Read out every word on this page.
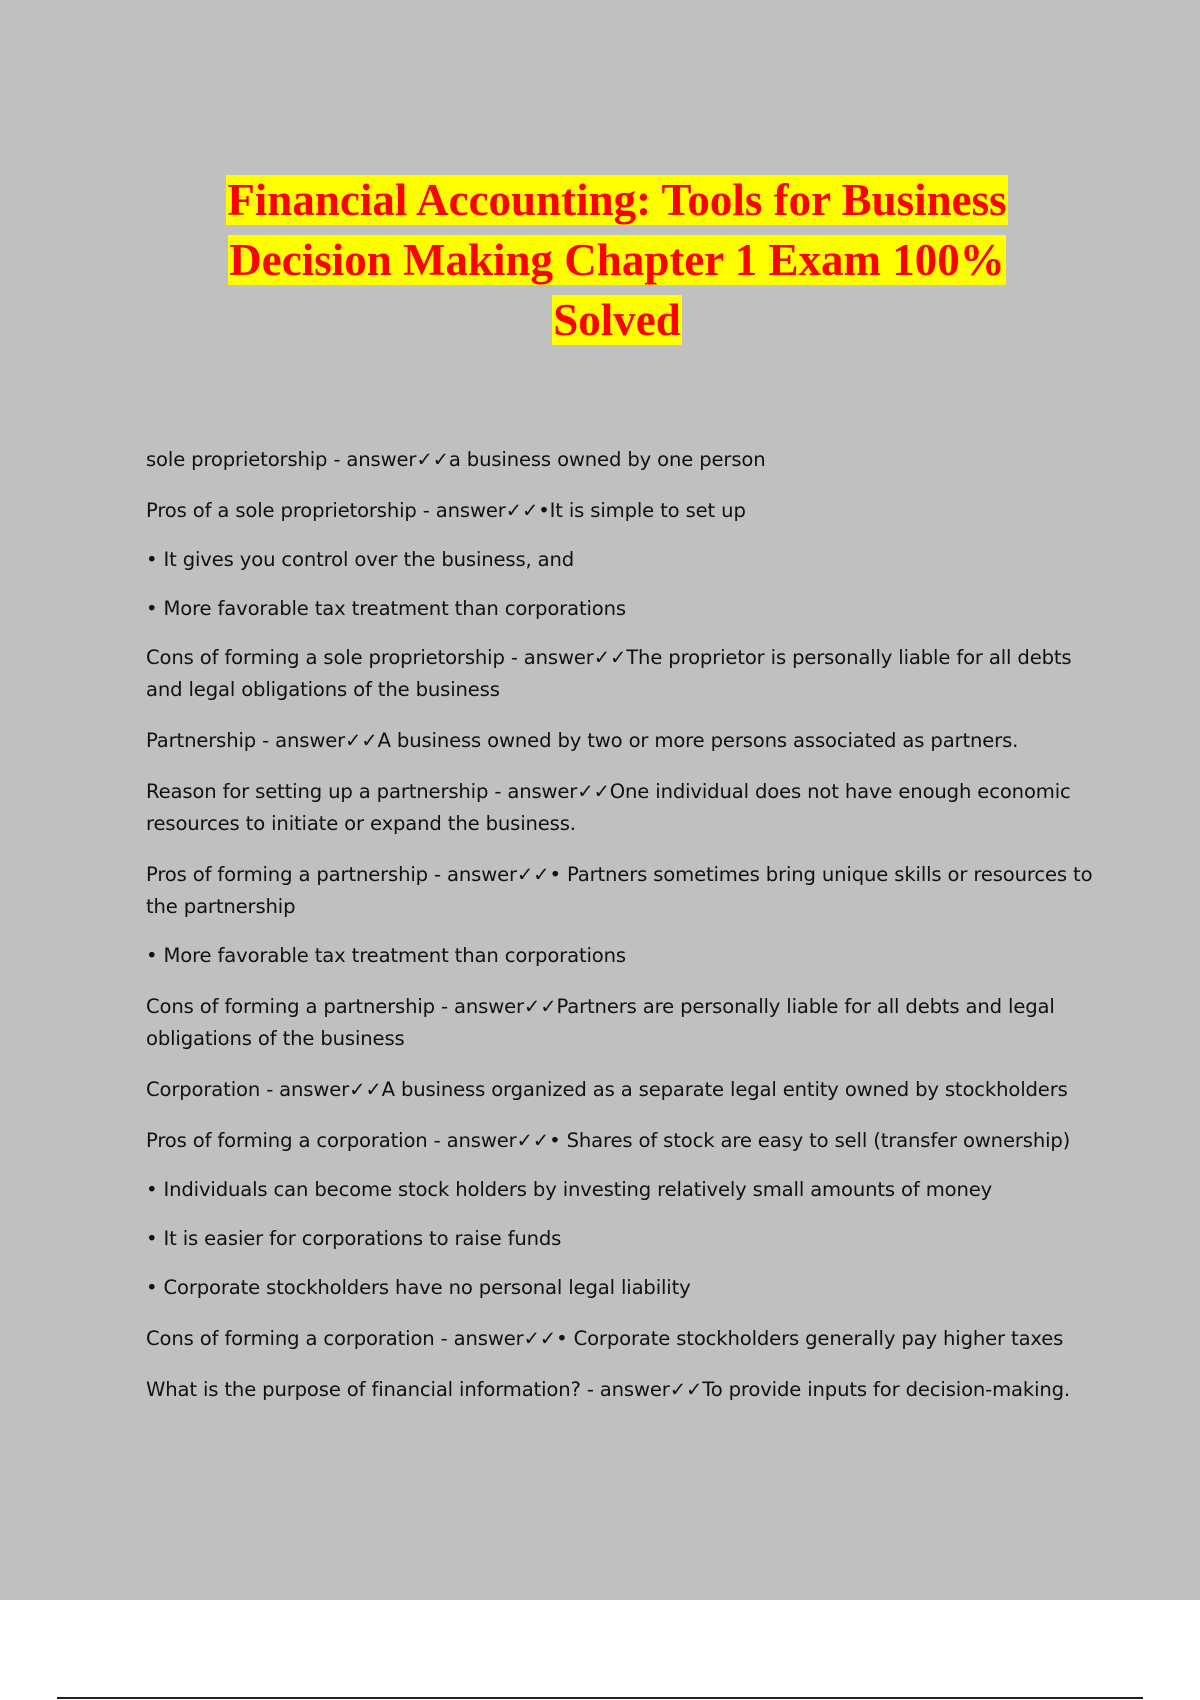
Financial Accounting: Tools for Business
Decision Making Chapter 1 Exam 100%
Solved

sole proprietorship - answer✓✓a business owned by one person

Pros of a sole proprietorship - answer✓✓•It is simple to set up

• It gives you control over the business, and

• More favorable tax treatment than corporations

Cons of forming a sole proprietorship - answer✓✓The proprietor is personally liable for all debts and legal obligations of the business

Partnership - answer✓✓A business owned by two or more persons associated as partners.

Reason for setting up a partnership - answer✓✓One individual does not have enough economic resources to initiate or expand the business.

Pros of forming a partnership - answer✓✓• Partners sometimes bring unique skills or resources to the partnership

• More favorable tax treatment than corporations

Cons of forming a partnership - answer✓✓Partners are personally liable for all debts and legal obligations of the business

Corporation - answer✓✓A business organized as a separate legal entity owned by stockholders

Pros of forming a corporation - answer✓✓• Shares of stock are easy to sell (transfer ownership)

• Individuals can become stock holders by investing relatively small amounts of money

• It is easier for corporations to raise funds

• Corporate stockholders have no personal legal liability

Cons of forming a corporation - answer✓✓• Corporate stockholders generally pay higher taxes

What is the purpose of financial information? - answer✓✓To provide inputs for decision-making.
